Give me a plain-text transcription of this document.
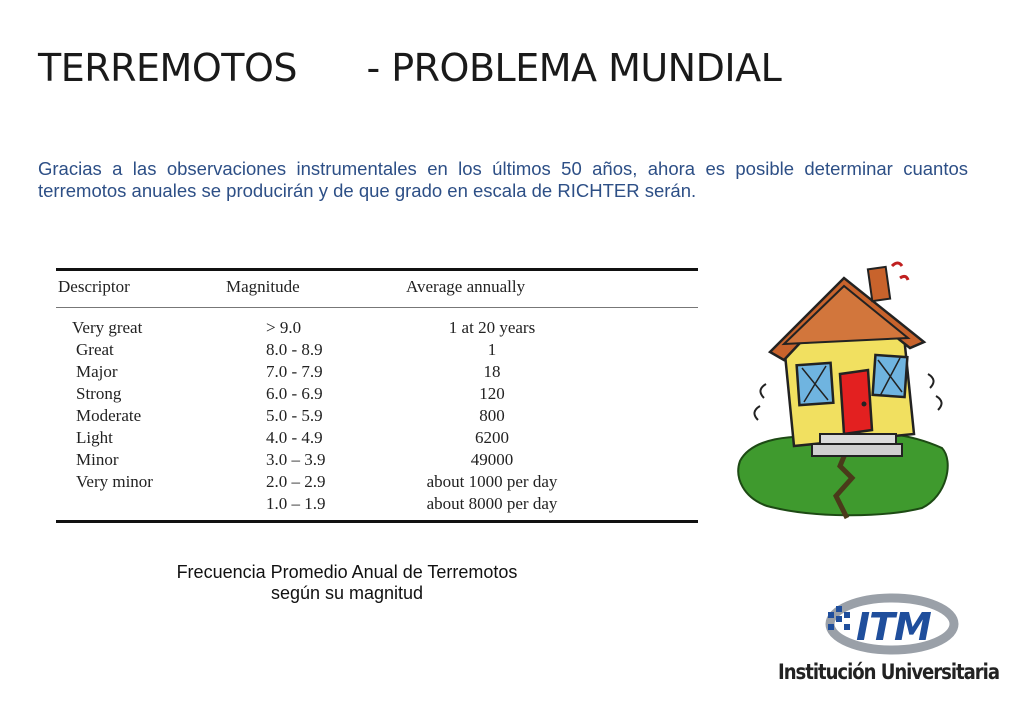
TERREMOTOS      - PROBLEMA MUNDIAL

Gracias a las observaciones instrumentales en los últimos 50 años, ahora es posible determinar cuantos terremotos anuales se producirán y de que grado en escala de RICHTER serán.

Descriptor	Magnitude	Average annually
Very great	> 9.0	1 at 20 years
Great	8.0 - 8.9	1
Major	7.0 - 7.9	18
Strong	6.0 - 6.9	120
Moderate	5.0 - 5.9	800
Light	4.0 - 4.9	6200
Minor	3.0 – 3.9	49000
Very minor	2.0 – 2.9	about 1000 per day
	1.0 – 1.9	about 8000 per day
Frecuencia Promedio Anual de Terremotos
según su magnitud
ITM
Institución Universitaria
